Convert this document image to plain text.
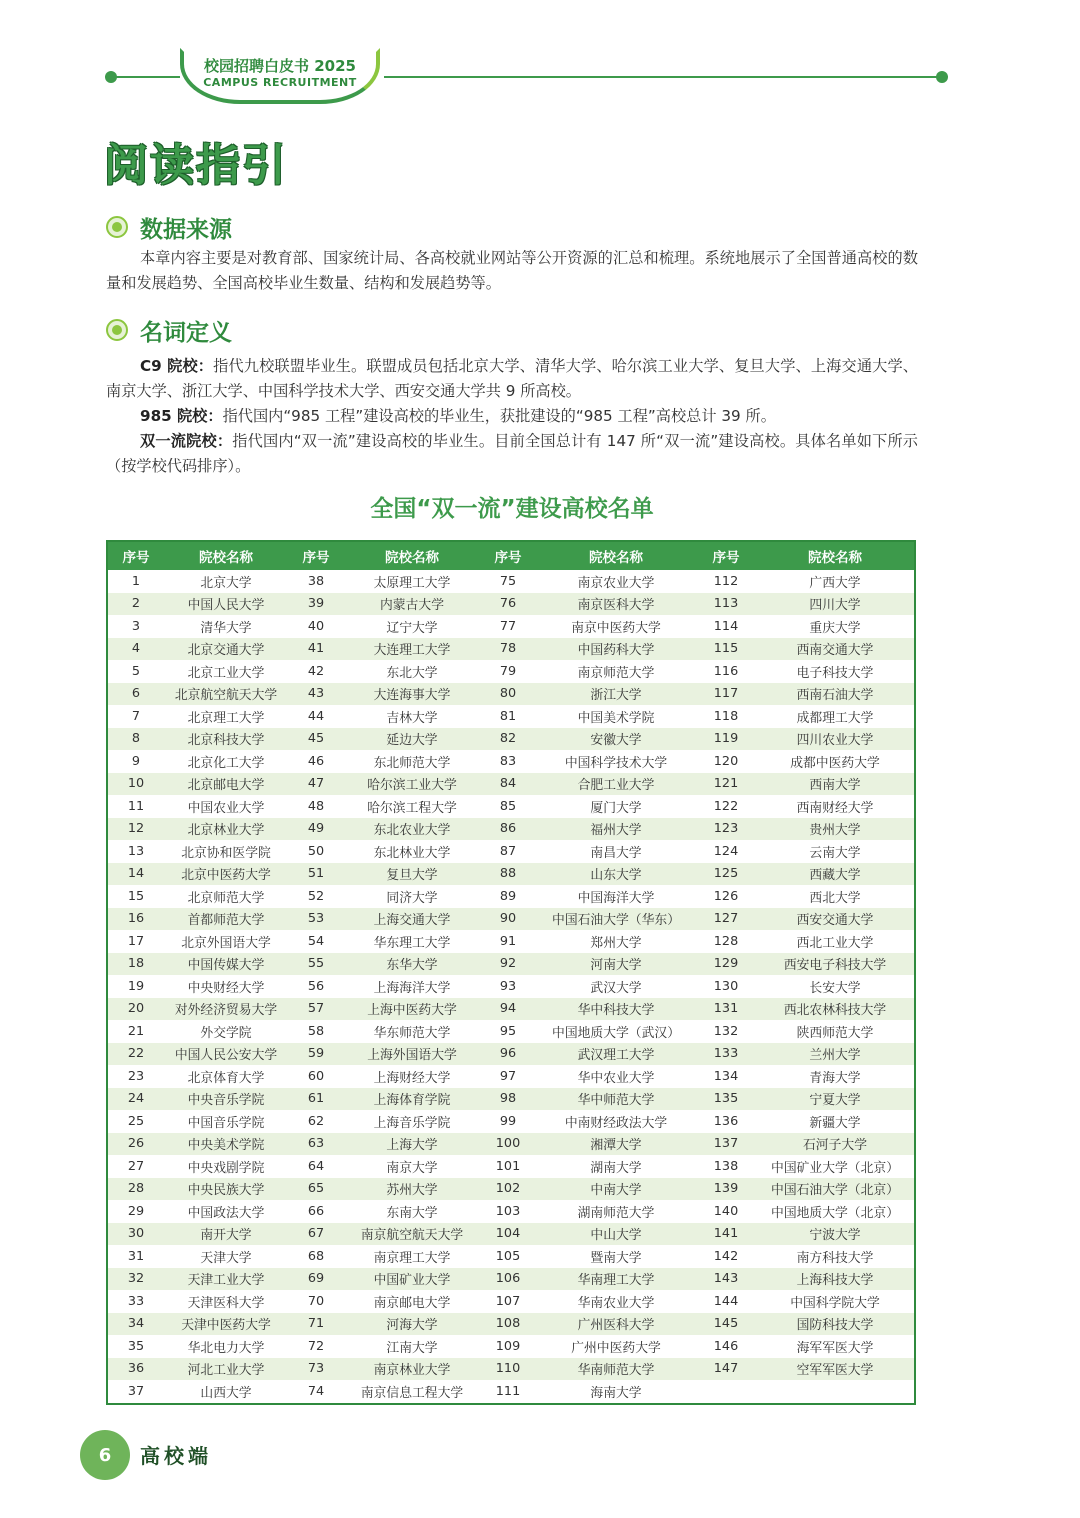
校园招聘白皮书 2025
CAMPUS RECRUITMENT
阅读指引
数据来源
本章内容主要是对教育部、国家统计局、各高校就业网站等公开资源的汇总和梳理。系统地展示了全国普通高校的数量和发展趋势、全国高校毕业生数量、结构和发展趋势等。
名词定义
C9 院校：指代九校联盟毕业生。联盟成员包括北京大学、清华大学、哈尔滨工业大学、复旦大学、上海交通大学、南京大学、浙江大学、中国科学技术大学、西安交通大学共 9 所高校。
985 院校：指代国内“985 工程”建设高校的毕业生，获批建设的“985 工程”高校总计 39 所。
双一流院校：指代国内“双一流”建设高校的毕业生。目前全国总计有 147 所“双一流”建设高校。具体名单如下所示（按学校代码排序）。
全国“双一流”建设高校名单
序号	院校名称	序号	院校名称	序号	院校名称	序号	院校名称
1	北京大学	38	太原理工大学	75	南京农业大学	112	广西大学
2	中国人民大学	39	内蒙古大学	76	南京医科大学	113	四川大学
3	清华大学	40	辽宁大学	77	南京中医药大学	114	重庆大学
4	北京交通大学	41	大连理工大学	78	中国药科大学	115	西南交通大学
5	北京工业大学	42	东北大学	79	南京师范大学	116	电子科技大学
6	北京航空航天大学	43	大连海事大学	80	浙江大学	117	西南石油大学
7	北京理工大学	44	吉林大学	81	中国美术学院	118	成都理工大学
8	北京科技大学	45	延边大学	82	安徽大学	119	四川农业大学
9	北京化工大学	46	东北师范大学	83	中国科学技术大学	120	成都中医药大学
10	北京邮电大学	47	哈尔滨工业大学	84	合肥工业大学	121	西南大学
11	中国农业大学	48	哈尔滨工程大学	85	厦门大学	122	西南财经大学
12	北京林业大学	49	东北农业大学	86	福州大学	123	贵州大学
13	北京协和医学院	50	东北林业大学	87	南昌大学	124	云南大学
14	北京中医药大学	51	复旦大学	88	山东大学	125	西藏大学
15	北京师范大学	52	同济大学	89	中国海洋大学	126	西北大学
16	首都师范大学	53	上海交通大学	90	中国石油大学（华东）	127	西安交通大学
17	北京外国语大学	54	华东理工大学	91	郑州大学	128	西北工业大学
18	中国传媒大学	55	东华大学	92	河南大学	129	西安电子科技大学
19	中央财经大学	56	上海海洋大学	93	武汉大学	130	长安大学
20	对外经济贸易大学	57	上海中医药大学	94	华中科技大学	131	西北农林科技大学
21	外交学院	58	华东师范大学	95	中国地质大学（武汉）	132	陕西师范大学
22	中国人民公安大学	59	上海外国语大学	96	武汉理工大学	133	兰州大学
23	北京体育大学	60	上海财经大学	97	华中农业大学	134	青海大学
24	中央音乐学院	61	上海体育学院	98	华中师范大学	135	宁夏大学
25	中国音乐学院	62	上海音乐学院	99	中南财经政法大学	136	新疆大学
26	中央美术学院	63	上海大学	100	湘潭大学	137	石河子大学
27	中央戏剧学院	64	南京大学	101	湖南大学	138	中国矿业大学（北京）
28	中央民族大学	65	苏州大学	102	中南大学	139	中国石油大学（北京）
29	中国政法大学	66	东南大学	103	湖南师范大学	140	中国地质大学（北京）
30	南开大学	67	南京航空航天大学	104	中山大学	141	宁波大学
31	天津大学	68	南京理工大学	105	暨南大学	142	南方科技大学
32	天津工业大学	69	中国矿业大学	106	华南理工大学	143	上海科技大学
33	天津医科大学	70	南京邮电大学	107	华南农业大学	144	中国科学院大学
34	天津中医药大学	71	河海大学	108	广州医科大学	145	国防科技大学
35	华北电力大学	72	江南大学	109	广州中医药大学	146	海军军医大学
36	河北工业大学	73	南京林业大学	110	华南师范大学	147	空军军医大学
37	山西大学	74	南京信息工程大学	111	海南大学		
6 高校端
